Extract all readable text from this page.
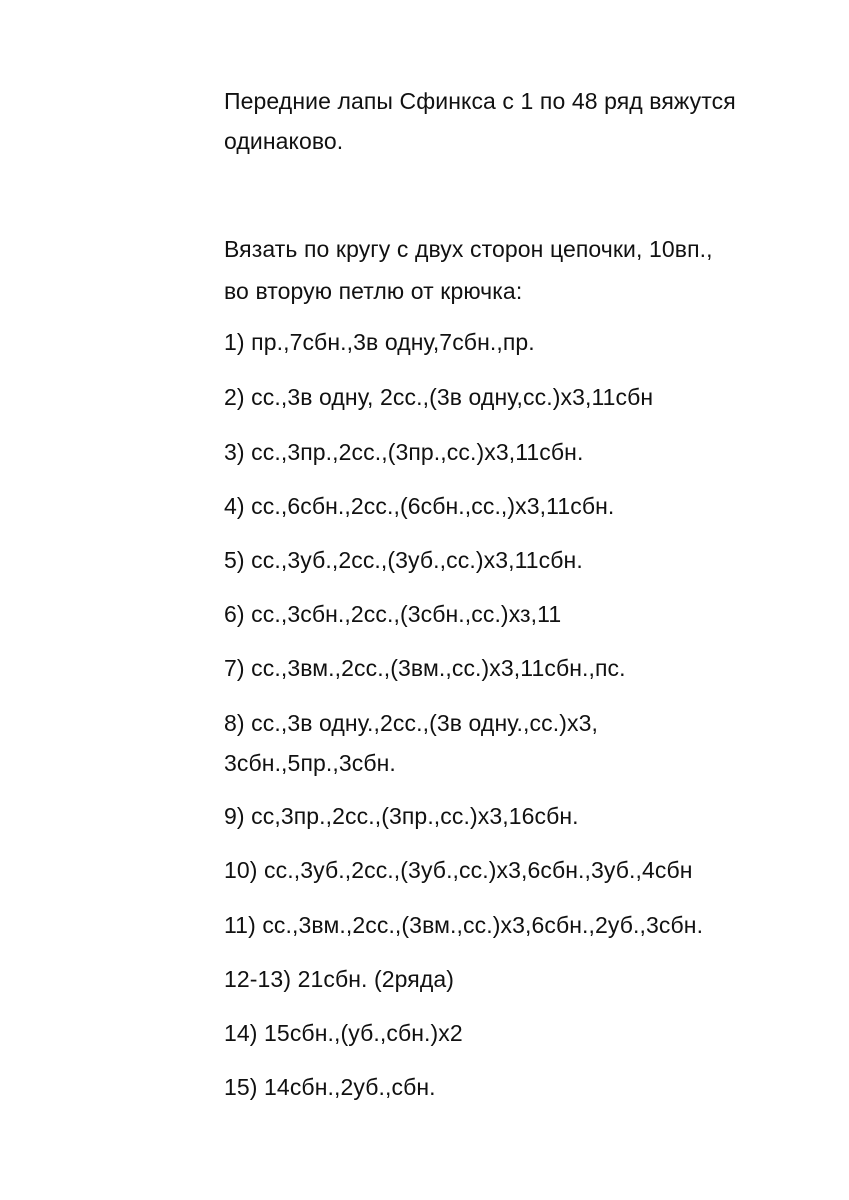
Передние лапы Сфинкса с 1 по 48 ряд вяжутся
одинаково.
Вязать по кругу с двух сторон цепочки, 10вп.,
во вторую петлю от крючка:
1) пр.,7сбн.,3в одну,7сбн.,пр.
2) сс.,3в одну, 2сс.,(3в одну,сс.)х3,11сбн
3) сс.,3пр.,2сс.,(3пр.,сс.)х3,11сбн.
4) сс.,6сбн.,2сс.,(6сбн.,сс.,)х3,11сбн.
5) сс.,3уб.,2сс.,(3уб.,сс.)х3,11сбн.
6) сс.,3сбн.,2сс.,(3сбн.,сс.)хз,11
7) сс.,3вм.,2сс.,(3вм.,сс.)х3,11сбн.,пс.
8) сс.,3в одну.,2сс.,(3в одну.,сс.)х3,
3сбн.,5пр.,3сбн.
9) сс,3пр.,2сс.,(3пр.,сс.)х3,16сбн.
10) сс.,3уб.,2сс.,(3уб.,сс.)х3,6сбн.,3уб.,4сбн
11) сс.,3вм.,2сс.,(3вм.,сс.)х3,6сбн.,2уб.,3сбн.
12-13) 21сбн. (2ряда)
14) 15сбн.,(уб.,сбн.)х2
15) 14сбн.,2уб.,сбн.
